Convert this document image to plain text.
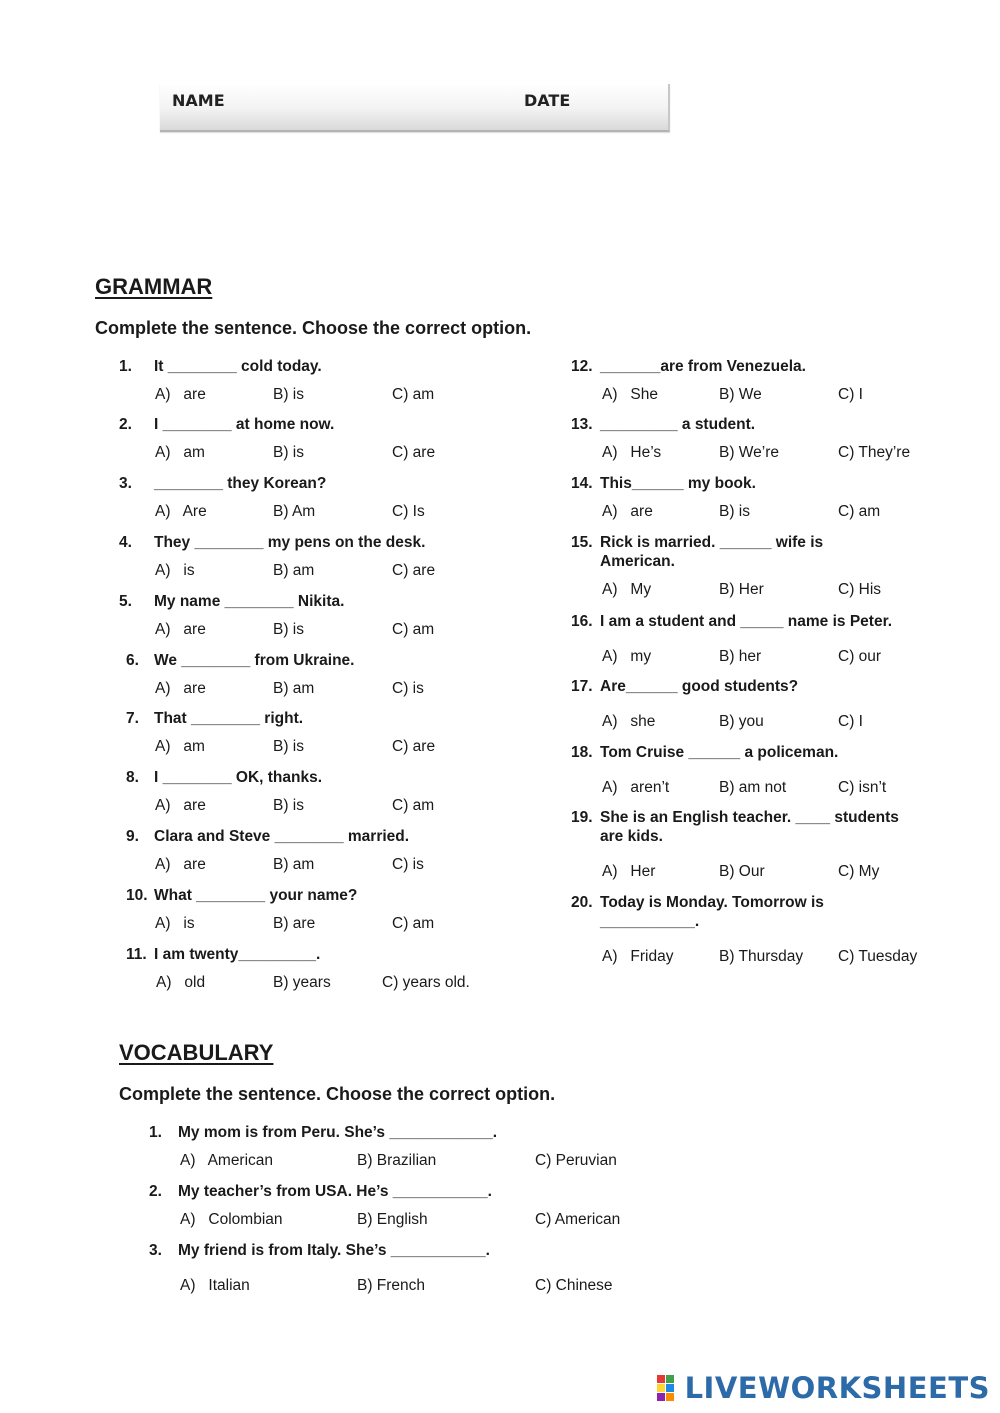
NAME	DATE
GRAMMAR
Complete the sentence. Choose the correct option.
1. It ________ cold today.
A)   are	B) is	C) am
2. I ________ at home now.
A)   am	B) is	C) are
3. ________ they Korean?
A)   Are	B) Am	C) Is
4. They ________ my pens on the desk.
A)   is	B) am	C) are
5. My name ________ Nikita.
A)   are	B) is	C) am
6. We ________ from Ukraine.
A)   are	B) am	C) is
7. That ________ right.
A)   am	B) is	C) are
8. I ________ OK, thanks.
A)   are	B) is	C) am
9. Clara and Steve ________ married.
A)   are	B) am	C) is
10. What ________ your name?
A)   is	B) are	C) am
11. I am twenty_________.
A)   old	B) years	C) years old.
12. _______are from Venezuela.
A)   She	B) We	C) I
13. _________ a student.
A)   He’s	B) We’re	C) They’re
14. This______ my book.
A)   are	B) is	C) am
15. Rick is married. ______ wife is
American.
A)   My	B) Her	C) His
16. I am a student and _____ name is Peter.
A)   my	B) her	C) our
17. Are______ good students?
A)   she	B) you	C) I
18. Tom Cruise ______ a policeman.
A)   aren’t	B) am not	C) isn’t
19. She is an English teacher. ____ students
are kids.
A)   Her	B) Our	C) My
20. Today is Monday. Tomorrow is
___________.
A)   Friday	B) Thursday C) Tuesday
VOCABULARY
Complete the sentence. Choose the correct option.
1. My mom is from Peru. She’s ____________.
A)   American	B) Brazilian	C) Peruvian
2. My teacher’s from USA. He’s ___________.
A)   Colombian	B) English	C) American
3. My friend is from Italy. She’s ___________.
A)   Italian	B) French	C) Chinese
LIVEWORKSHEETS
